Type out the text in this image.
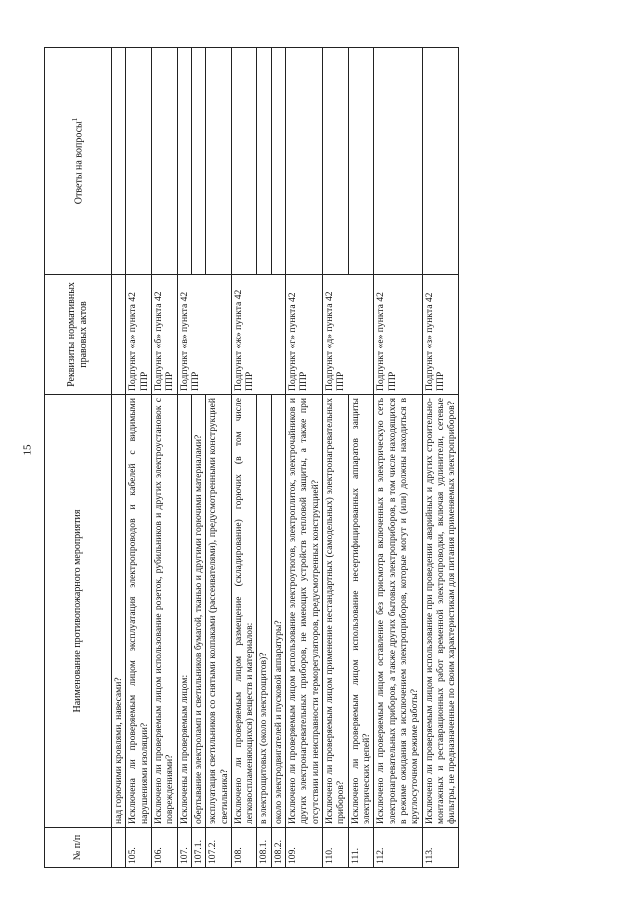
15
№ п/п	Наименование противопожарного мероприятия	Реквизиты нормативных правовых актов	Ответы на вопросы$^1$
	над горючими кровлями, навесами?		
105.	Исключена ли проверяемым лицом эксплуатация электропроводов и кабелей с видимыми нарушениями изоляции?	Подпункт «а» пункта 42 ППР	
106.	Исключено ли проверяемым лицом использование розеток, рубильников и других электроустановок с повреждениями?	Подпункт «б» пункта 42 ППР	
107.	Исключены ли проверяемым лицом:	Подпункт «в» пункта 42 ППР	
107.1.	обертывание электроламп и светильников бумагой, тканью и другими горючими материалами?		
107.2.	эксплуатация светильников со снятыми колпаками (рассеивателями), предусмотренными конструкцией светильника?		
108.	Исключено ли проверяемым лицом размещение (складирование) горючих (в том числе легковоспламеняющихся) веществ и материалов:	Подпункт «ж» пункта 42 ППР	
108.1.	в электрощитовых (около электрощитов)?		
108.2.	около электродвигателей и пусковой аппаратуры?		
109.	Исключено ли проверяемым лицом использование электроутюгов, электроплиток, электрочайников и других электронагревательных приборов, не имеющих устройств тепловой защиты, а также при отсутствии или неисправности терморегуляторов, предусмотренных конструкцией?	Подпункт «г» пункта 42 ППР	
110.	Исключено ли проверяемым лицом применение нестандартных (самодельных) электронагревательных приборов?	Подпункт «д» пункта 42 ППР	
111.	Исключено ли проверяемым лицом использование несертифицированных аппаратов защиты электрических цепей?		
112.	Исключено ли проверяемым лицом оставление без присмотра включенных в электрическую сеть электронагревательных приборов, а также других бытовых электроприборов, в том числе находящихся в режиме ожидания за исключением электроприборов, которые могут и (или) должны находиться в круглосуточном режиме работы?	Подпункт «е» пункта 42 ППР	
113.	Исключено ли проверяемым лицом использование при проведении аварийных и других строительно-монтажных и реставрационных работ временной электропроводки, включая удлинители, сетевые фильтры, не предназначенные по своим характеристикам для питания применяемых электроприборов?	Подпункт «з» пункта 42 ППР	
